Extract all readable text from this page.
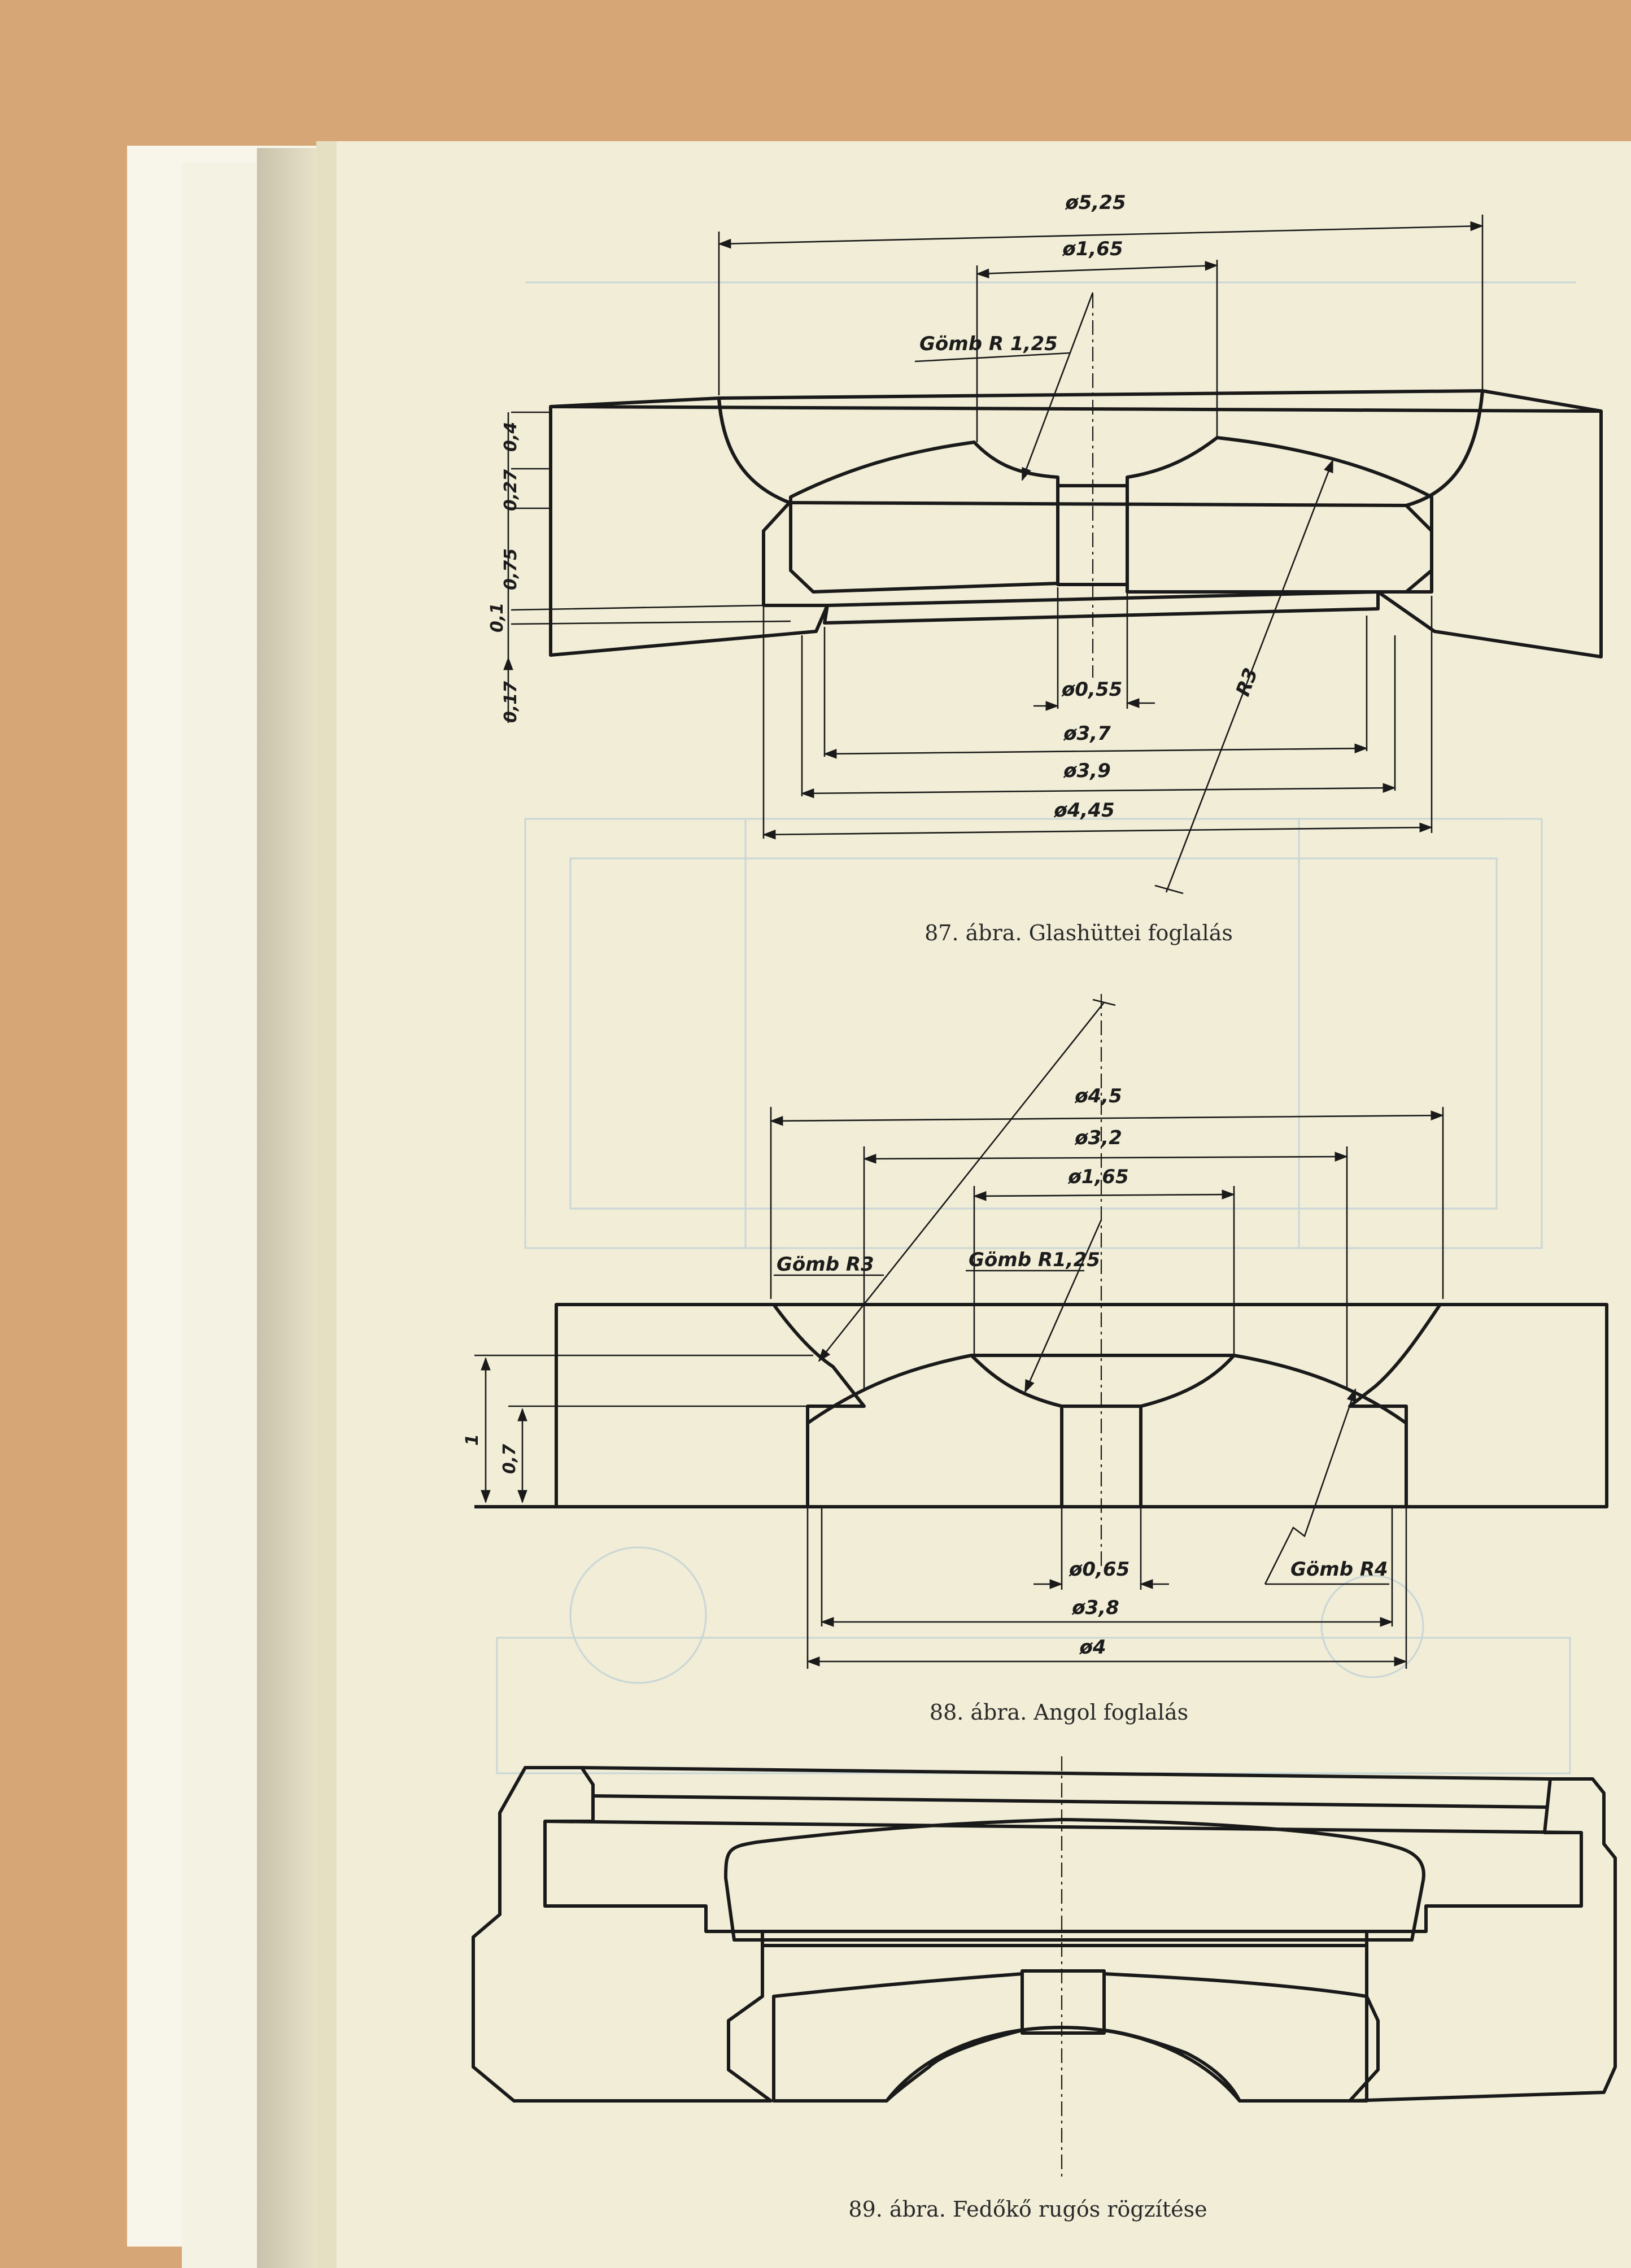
ø5,25
ø1,65
Gömb R 1,25
0,4
0,27
0,75
0,1
0,17	ø0,55
ø3,7
ø3,9
ø4,45
R3
87. ábra. Glashüttei foglalás
ø4,5
ø3,2
ø1,65
Gömb R3	Gömb R1,25
1
0,7
ø0,65
ø3,8
ø4
Gömb R4
88. ábra. Angol foglalás
89. ábra. Fedőkő rugós rögzítése
